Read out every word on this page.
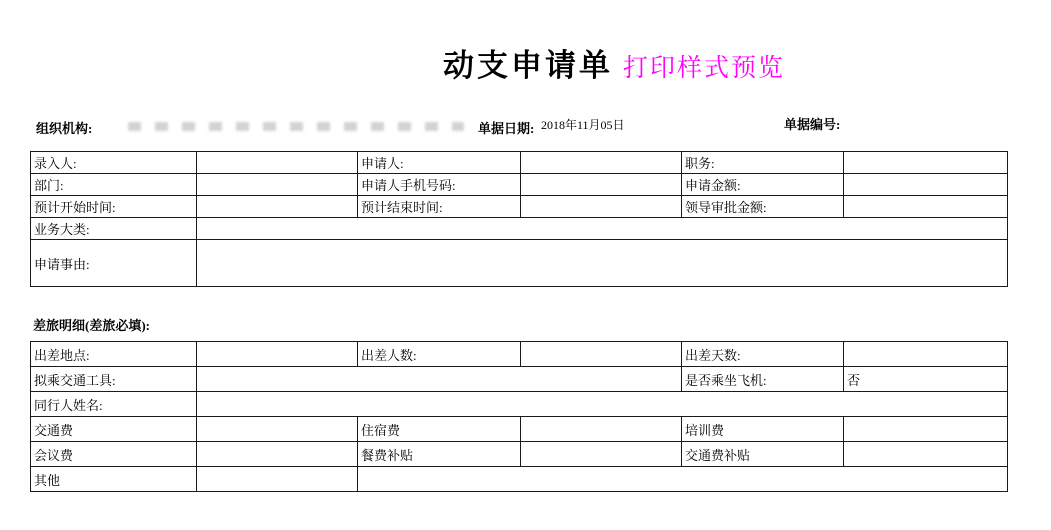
动支申请单 打印样式预览
组织机构:	单据日期: 2018年11月05日	单据编号:
录入人:		申请人:		职务:	
部门:		申请人手机号码:		申请金额:	
预计开始时间:		预计结束时间:		领导审批金额:	
业务大类:					
申请事由:					
差旅明细(差旅必填):
出差地点:		出差人数:		出差天数:	
拟乘交通工具:				是否乘坐飞机:	否
同行人姓名:					
交通费		住宿费		培训费	
会议费		餐费补贴		交通费补贴	
其他					
